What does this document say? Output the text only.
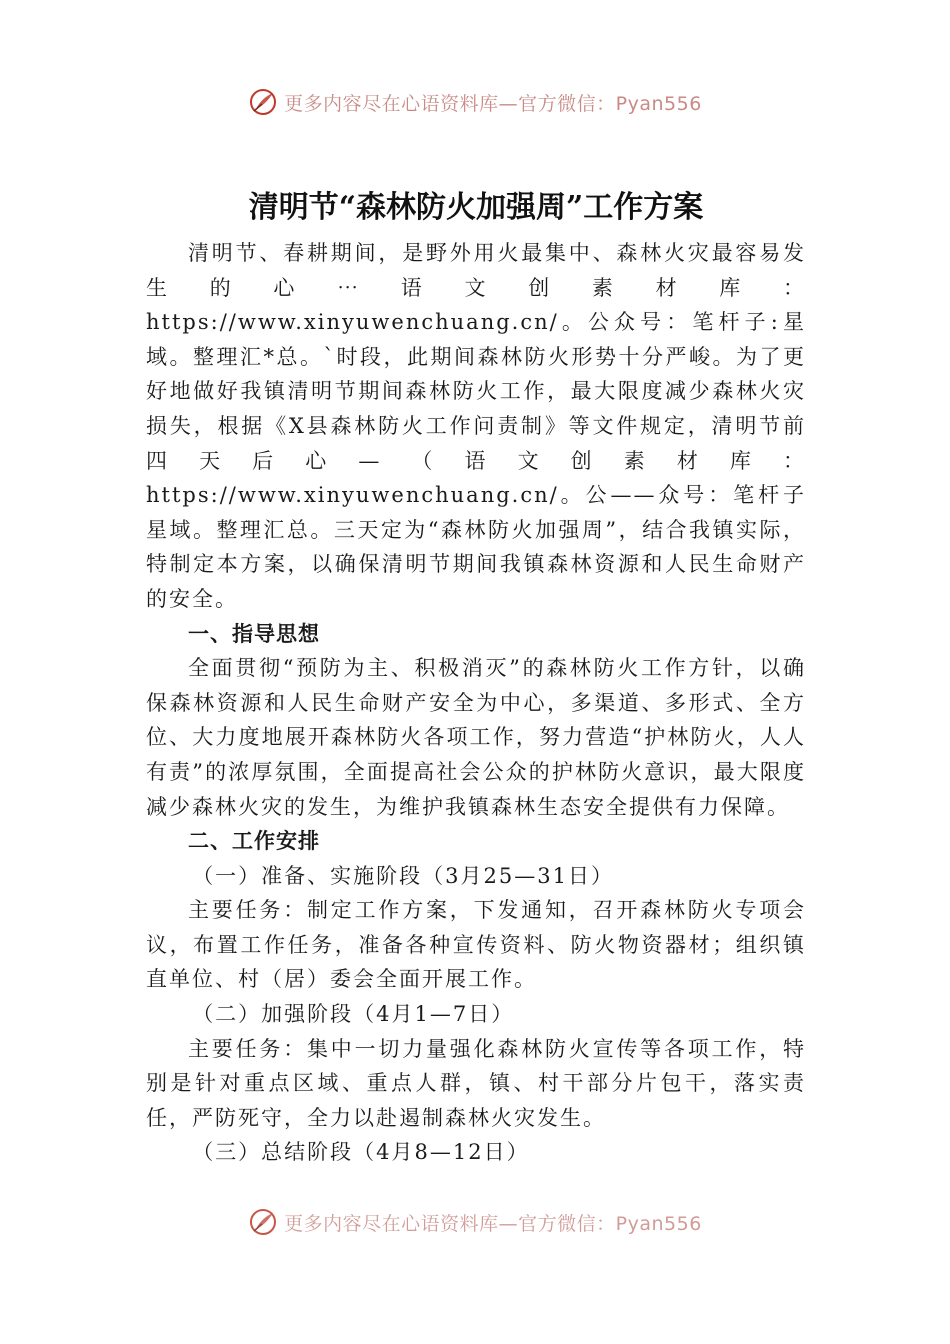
更多内容尽在心语资料库—官方微信：Pyan556
清明节“森林防火加强周”工作方案

清明节、春耕期间，是野外用火最集中、森林火灾最容易发生的心⋯语文创素材库：https://www.xinyuwenchuang.cn/。公众号：笔杆子:星域。整理汇*总。`时段，此期间森林防火形势十分严峻。为了更好地做好我镇清明节期间森林防火工作，最大限度减少森林火灾损失，根据《X县森林防火工作问责制》等文件规定，清明节前四天后心—（语文创素材库：https://www.xinyuwenchuang.cn/。公——众号：笔杆子星域。整理汇总。三天定为“森林防火加强周”，结合我镇实际，特制定本方案，以确保清明节期间我镇森林资源和人民生命财产的安全。

一、指导思想

全面贯彻“预防为主、积极消灭”的森林防火工作方针，以确保森林资源和人民生命财产安全为中心，多渠道、多形式、全方位、大力度地展开森林防火各项工作，努力营造“护林防火，人人有责”的浓厚氛围，全面提高社会公众的护林防火意识，最大限度减少森林火灾的发生，为维护我镇森林生态安全提供有力保障。

二、工作安排

（一）准备、实施阶段（3月25—31日）

主要任务：制定工作方案，下发通知，召开森林防火专项会议，布置工作任务，准备各种宣传资料、防火物资器材；组织镇直单位、村（居）委会全面开展工作。

（二）加强阶段（4月1—7日）

主要任务：集中一切力量强化森林防火宣传等各项工作，特别是针对重点区域、重点人群，镇、村干部分片包干，落实责任，严防死守，全力以赴遏制森林火灾发生。

（三）总结阶段（4月8—12日）

更多内容尽在心语资料库—官方微信：Pyan556
